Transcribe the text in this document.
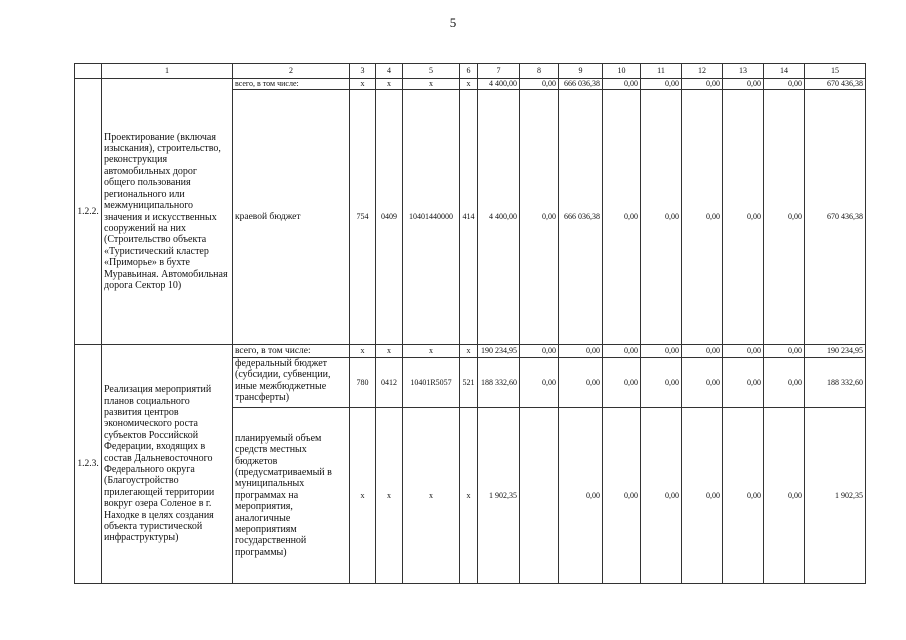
5
	1	2	3	4	5	6	7	8	9	10	11	12	13	14	15
1.2.2.	Проектирование (включая изыскания), строительство, реконструкция автомобильных дорог общего пользования регионального или межмуниципального значения и искусственных сооружений на них (Строительство объекта «Туристический кластер «Приморье» в бухте Муравьиная. Автомобильная дорога Сектор 10)	всего, в том числе:	x	x	x	x	4 400,00	0,00	666 036,38	0,00	0,00	0,00	0,00	0,00	670 436,38
		краевой бюджет	754	0409	10401440000	414	4 400,00	0,00	666 036,38	0,00	0,00	0,00	0,00	0,00	670 436,38
1.2.3.	Реализация мероприятий планов социального развития центров экономического роста субъектов Российской Федерации, входящих в состав Дальневосточного Федерального округа (Благоустройство прилегающей территории вокруг озера Соленое в г. Находке в целях создания объекта туристической инфраструктуры)	всего, в том числе:	x	x	x	x	190 234,95	0,00	0,00	0,00	0,00	0,00	0,00	0,00	190 234,95
		федеральный бюджет (субсидии, субвенции, иные межбюджетные трансферты)	780	0412	10401R5057	521	188 332,60	0,00	0,00	0,00	0,00	0,00	0,00	0,00	188 332,60
		планируемый объем средств местных бюджетов (предусматриваемый в муниципальных программах на мероприятия, аналогичные мероприятиям государственной программы)	x	x	x	x	1 902,35		0,00	0,00	0,00	0,00	0,00	0,00	1 902,35
